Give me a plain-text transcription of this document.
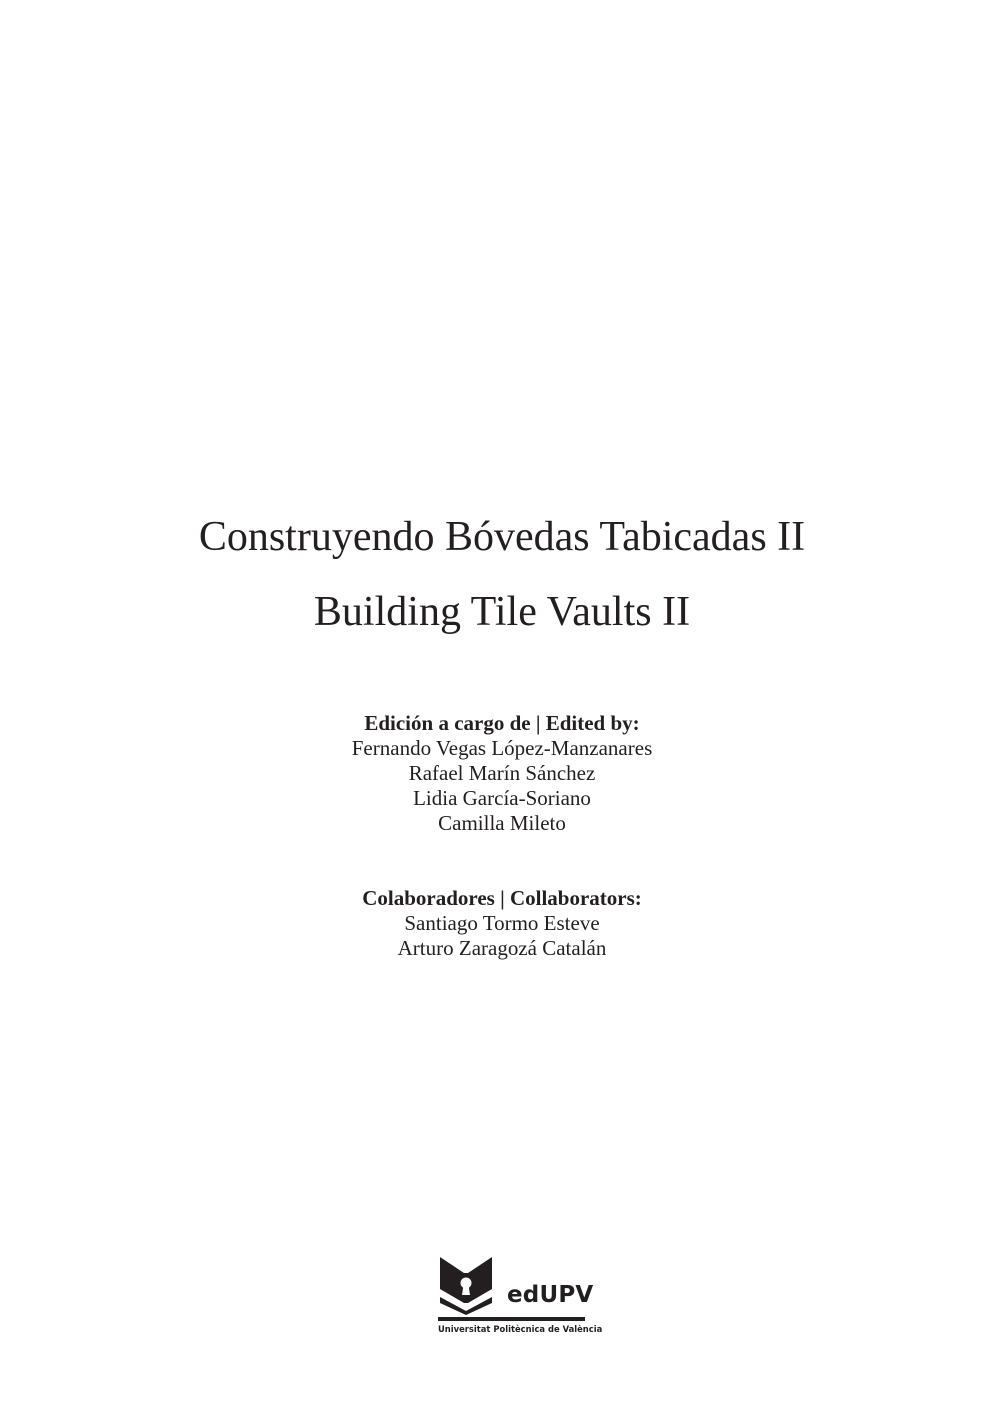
Construyendo Bóvedas Tabicadas II
Building Tile Vaults II
Edición a cargo de | Edited by:
Fernando Vegas López-Manzanares
Rafael Marín Sánchez
Lidia García-Soriano
Camilla Mileto
Colaboradores | Collaborators:
Santiago Tormo Esteve
Arturo Zaragozá Catalán
edUPV
Universitat Politècnica de València
